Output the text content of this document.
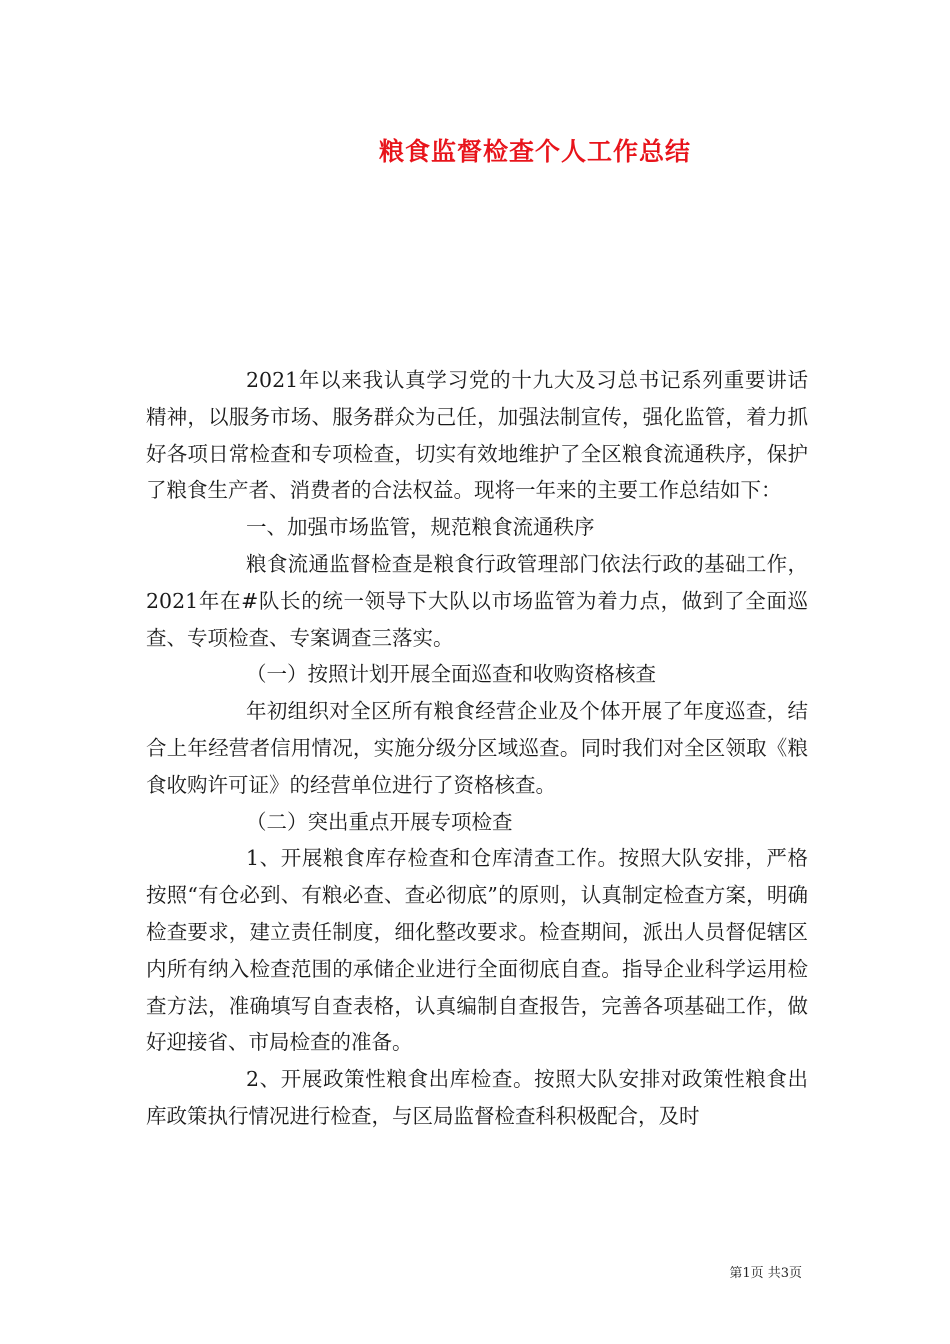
粮食监督检查个人工作总结

2021年以来我认真学习党的十九大及习总书记系列重要讲话精神，以服务市场、服务群众为己任，加强法制宣传，强化监管，着力抓好各项日常检查和专项检查，切实有效地维护了全区粮食流通秩序，保护了粮食生产者、消费者的合法权益。现将一年来的主要工作总结如下：

一、加强市场监管，规范粮食流通秩序

粮食流通监督检查是粮食行政管理部门依法行政的基础工作，2021年在#队长的统一领导下大队以市场监管为着力点，做到了全面巡查、专项检查、专案调查三落实。

（一）按照计划开展全面巡查和收购资格核查

年初组织对全区所有粮食经营企业及个体开展了年度巡查，结合上年经营者信用情况，实施分级分区域巡查。同时我们对全区领取《粮食收购许可证》的经营单位进行了资格核查。

（二）突出重点开展专项检查

1、开展粮食库存检查和仓库清查工作。按照大队安排，严格按照“有仓必到、有粮必查、查必彻底”的原则，认真制定检查方案，明确检查要求，建立责任制度，细化整改要求。检查期间，派出人员督促辖区内所有纳入检查范围的承储企业进行全面彻底自查。指导企业科学运用检查方法，准确填写自查表格，认真编制自查报告，完善各项基础工作，做好迎接省、市局检查的准备。

2、开展政策性粮食出库检查。按照大队安排对政策性粮食出库政策执行情况进行检查，与区局监督检查科积极配合，及时

第1页 共3页
